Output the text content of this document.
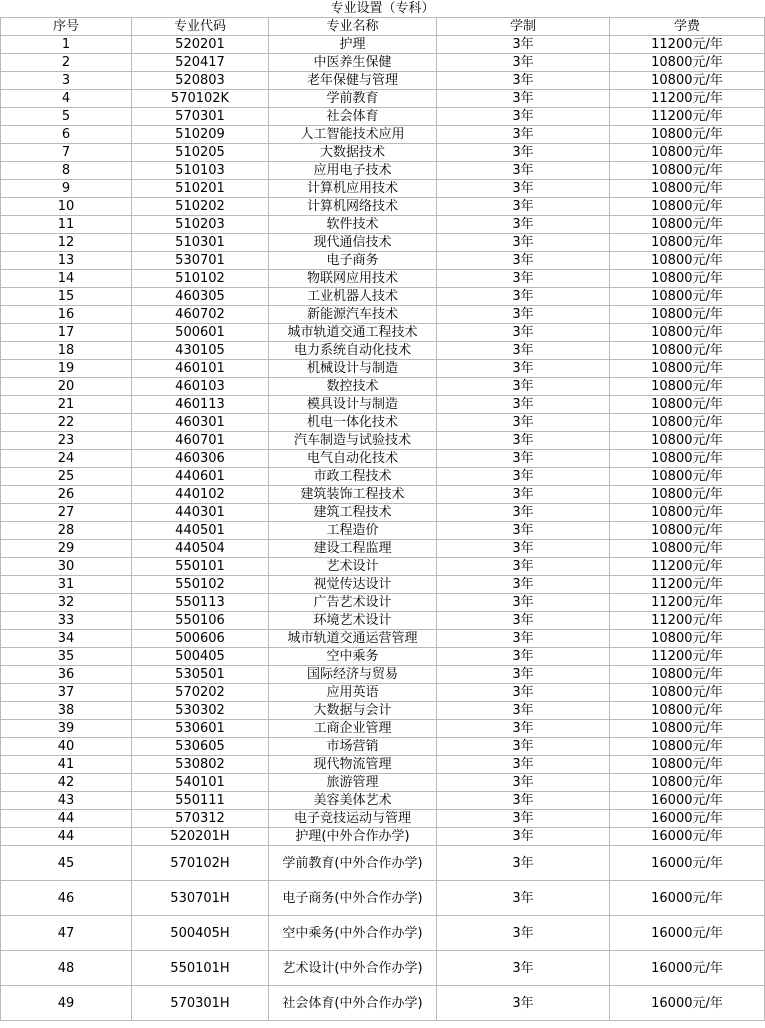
专业设置（专科）				
序号	专业代码	专业名称	学制	学费
1	520201	护理	3年	11200元/年
2	520417	中医养生保健	3年	10800元/年
3	520803	老年保健与管理	3年	10800元/年
4	570102K	学前教育	3年	11200元/年
5	570301	社会体育	3年	11200元/年
6	510209	人工智能技术应用	3年	10800元/年
7	510205	大数据技术	3年	10800元/年
8	510103	应用电子技术	3年	10800元/年
9	510201	计算机应用技术	3年	10800元/年
10	510202	计算机网络技术	3年	10800元/年
11	510203	软件技术	3年	10800元/年
12	510301	现代通信技术	3年	10800元/年
13	530701	电子商务	3年	10800元/年
14	510102	物联网应用技术	3年	10800元/年
15	460305	工业机器人技术	3年	10800元/年
16	460702	新能源汽车技术	3年	10800元/年
17	500601	城市轨道交通工程技术	3年	10800元/年
18	430105	电力系统自动化技术	3年	10800元/年
19	460101	机械设计与制造	3年	10800元/年
20	460103	数控技术	3年	10800元/年
21	460113	模具设计与制造	3年	10800元/年
22	460301	机电一体化技术	3年	10800元/年
23	460701	汽车制造与试验技术	3年	10800元/年
24	460306	电气自动化技术	3年	10800元/年
25	440601	市政工程技术	3年	10800元/年
26	440102	建筑装饰工程技术	3年	10800元/年
27	440301	建筑工程技术	3年	10800元/年
28	440501	工程造价	3年	10800元/年
29	440504	建设工程监理	3年	10800元/年
30	550101	艺术设计	3年	11200元/年
31	550102	视觉传达设计	3年	11200元/年
32	550113	广告艺术设计	3年	11200元/年
33	550106	环境艺术设计	3年	11200元/年
34	500606	城市轨道交通运营管理	3年	10800元/年
35	500405	空中乘务	3年	11200元/年
36	530501	国际经济与贸易	3年	10800元/年
37	570202	应用英语	3年	10800元/年
38	530302	大数据与会计	3年	10800元/年
39	530601	工商企业管理	3年	10800元/年
40	530605	市场营销	3年	10800元/年
41	530802	现代物流管理	3年	10800元/年
42	540101	旅游管理	3年	10800元/年
43	550111	美容美体艺术	3年	16000元/年
44	570312	电子竞技运动与管理	3年	16000元/年
44	520201H	护理(中外合作办学)	3年	16000元/年
45	570102H	学前教育(中外合作办学)	3年	16000元/年
46	530701H	电子商务(中外合作办学)	3年	16000元/年
47	500405H	空中乘务(中外合作办学)	3年	16000元/年
48	550101H	艺术设计(中外合作办学)	3年	16000元/年
49	570301H	社会体育(中外合作办学)	3年	16000元/年
